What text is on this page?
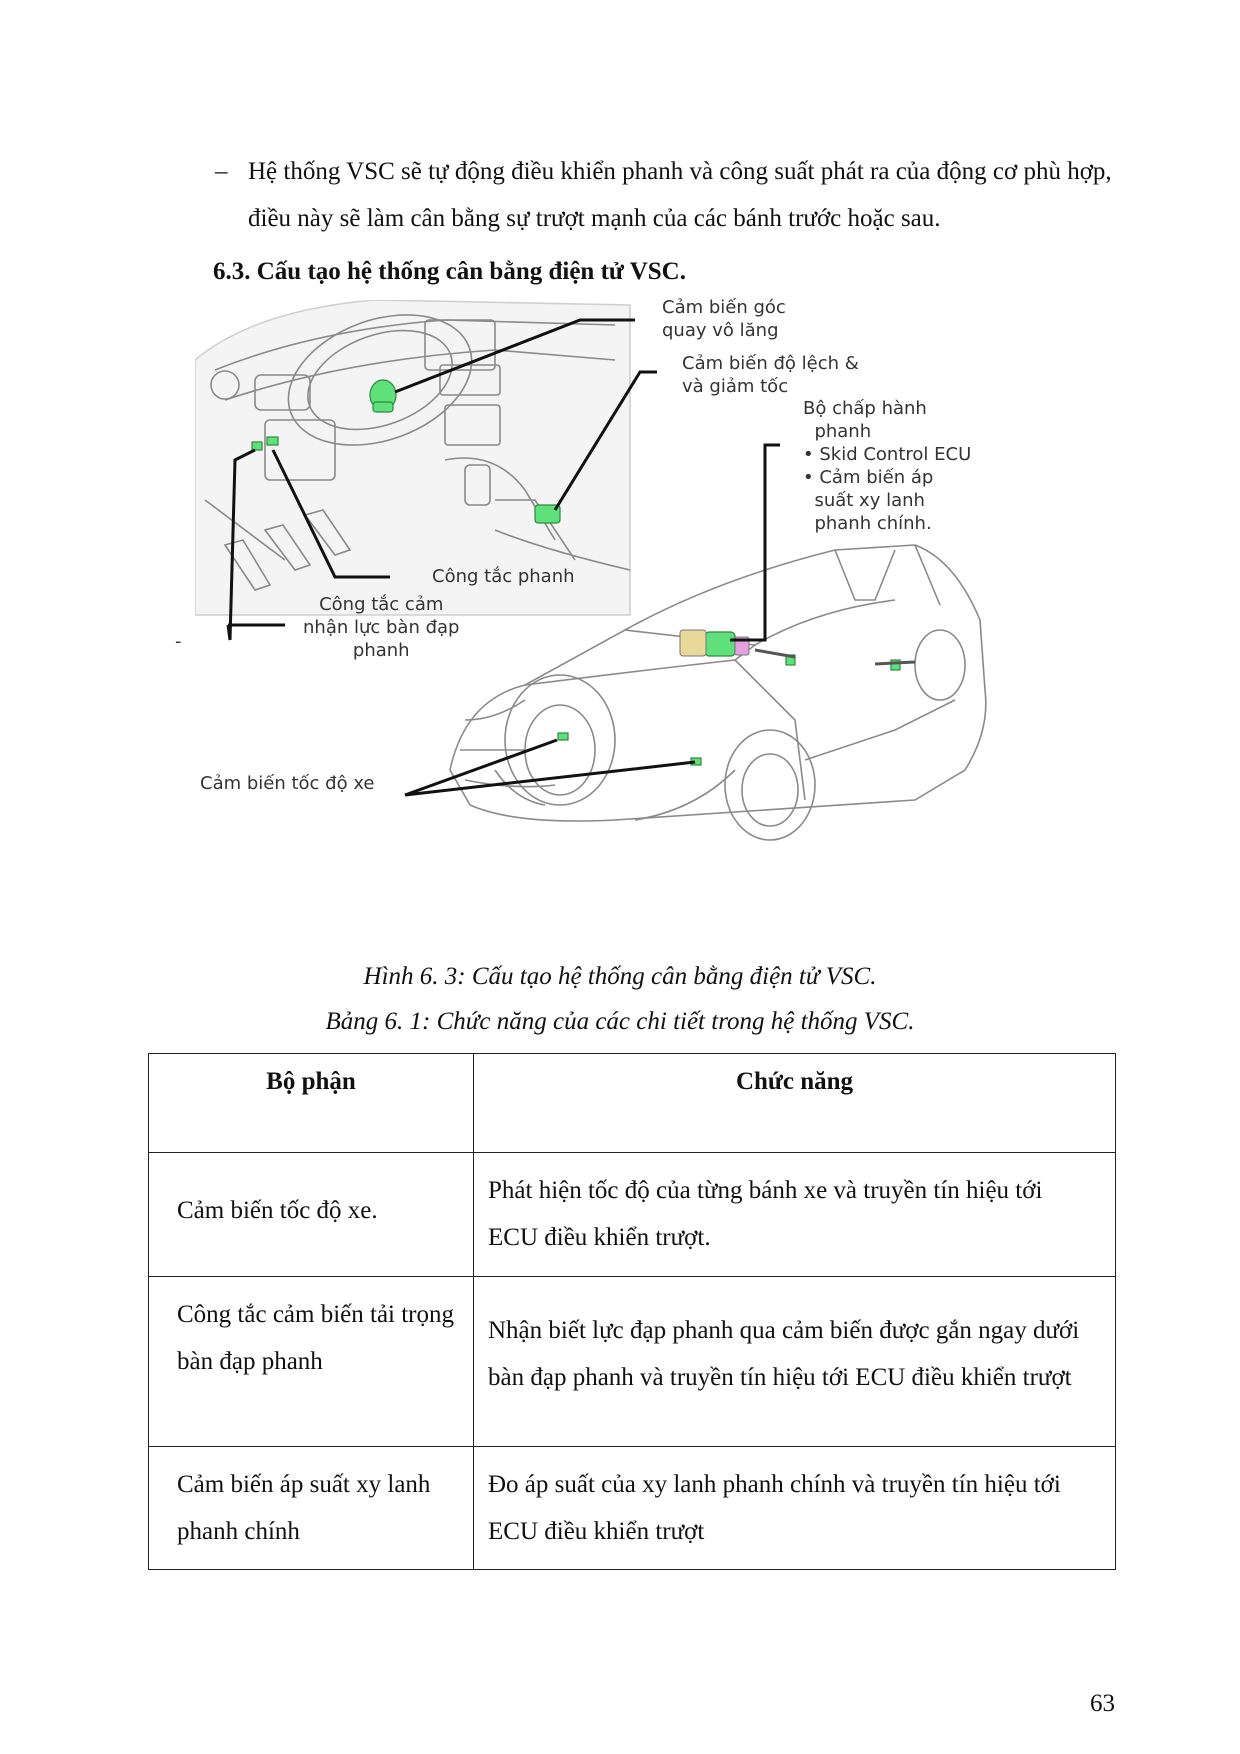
– Hệ thống VSC sẽ tự động điều khiển phanh và công suất phát ra của động cơ phù hợp, điều này sẽ làm cân bằng sự trượt mạnh của các bánh trước hoặc sau.
6.3. Cấu tạo hệ thống cân bằng điện tử VSC.
Cảm biến góc
quay vô lăng
Cảm biến độ lệch &
và giảm tốc
Bộ chấp hành
phanh
• Skid Control ECU
• Cảm biến áp
suất xy lanh
phanh chính.
Công tắc phanh
Công tắc cảm
nhận lực bàn đạp
phanh
Cảm biến tốc độ xe
-
Hình 6. 3: Cấu tạo hệ thống cân bằng điện tử VSC.
Bảng 6. 1: Chức năng của các chi tiết trong hệ thống VSC.
Bộ phận	Chức năng
Cảm biến tốc độ xe.	Phát hiện tốc độ của từng bánh xe và truyền tín hiệu tới ECU điều khiển trượt.
Công tắc cảm biến tải trọng bàn đạp phanh	Nhận biết lực đạp phanh qua cảm biến được gắn ngay dưới bàn đạp phanh và truyền tín hiệu tới ECU điều khiển trượt
Cảm biến áp suất xy lanh phanh chính	Đo áp suất của xy lanh phanh chính và truyền tín hiệu tới ECU điều khiển trượt
63
